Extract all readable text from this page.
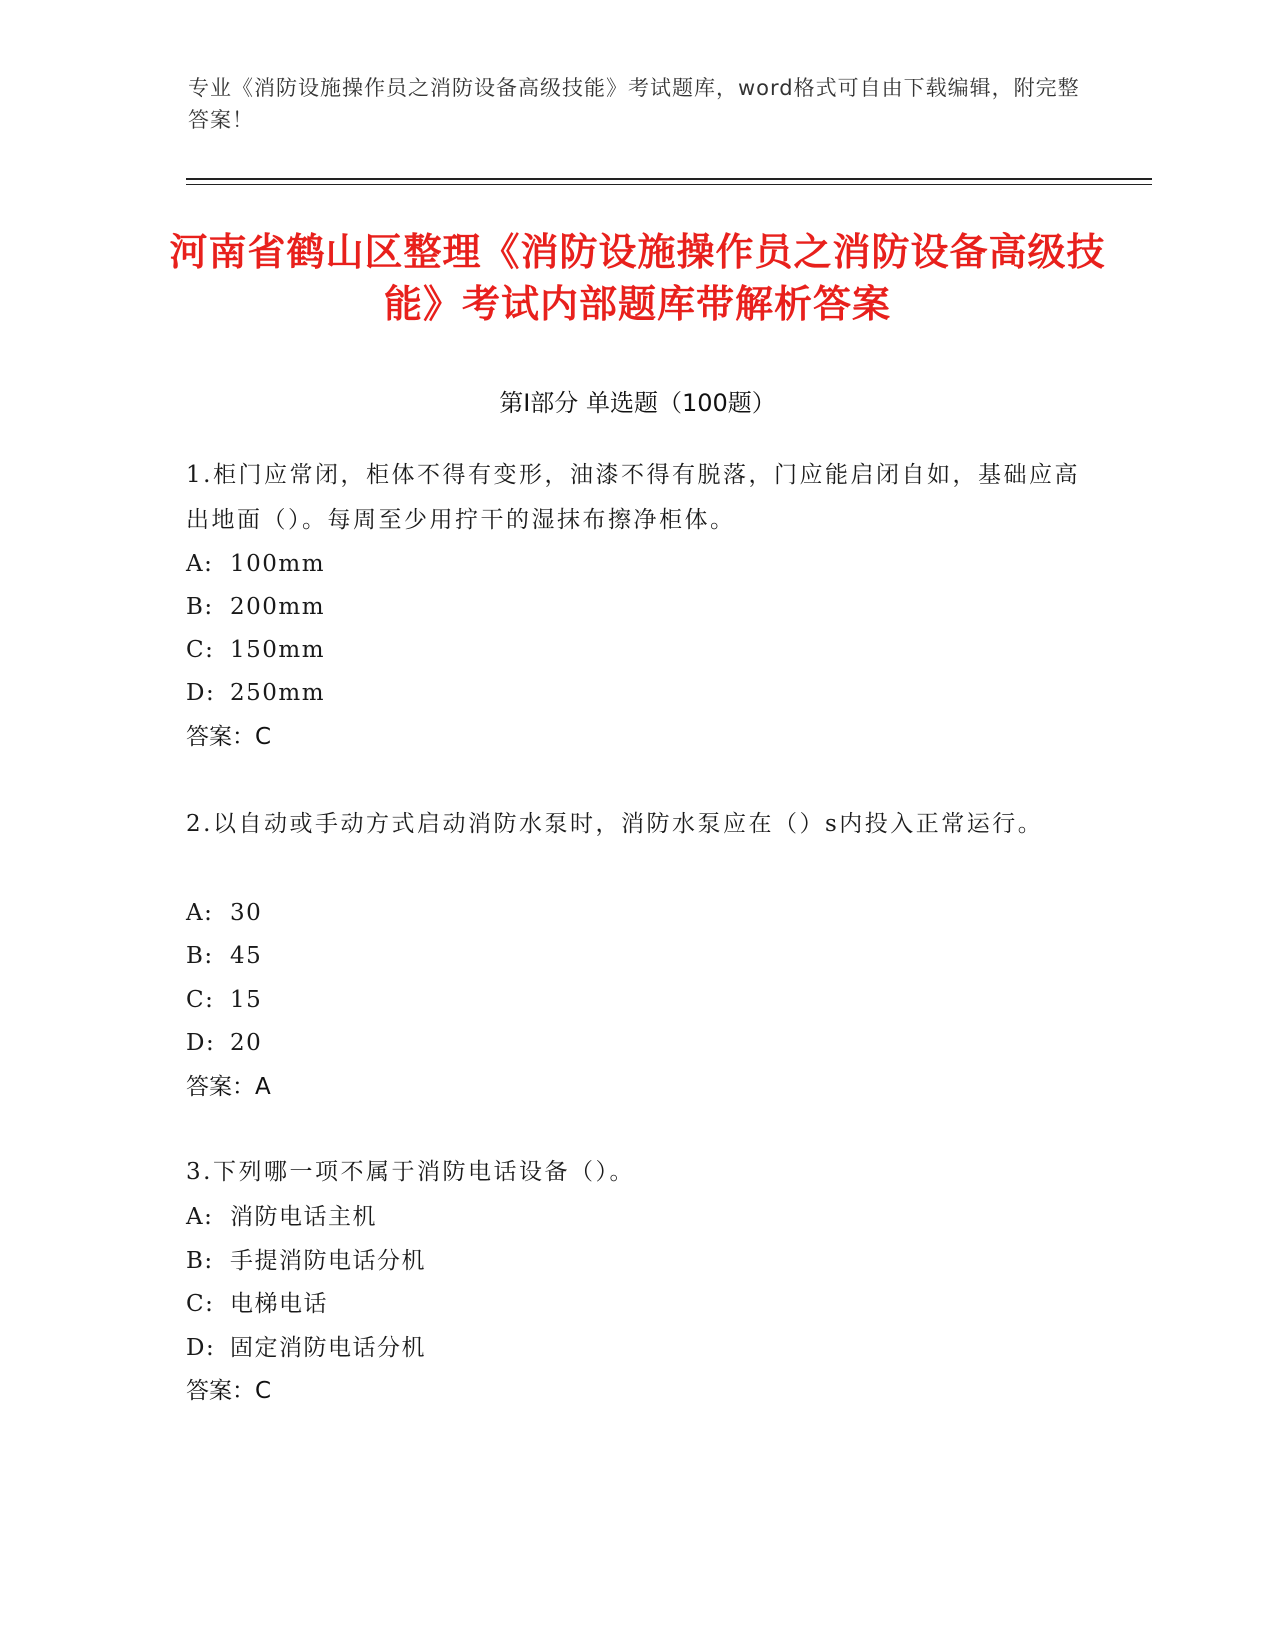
专业《消防设施操作员之消防设备高级技能》考试题库，word格式可自由下载编辑，附完整答案！
河南省鹤山区整理《消防设施操作员之消防设备高级技能》考试内部题库带解析答案
第Ⅰ部分 单选题（100题）
1.柜门应常闭，柜体不得有变形，油漆不得有脱落，门应能启闭自如，基础应高出地面（）。每周至少用拧干的湿抹布擦净柜体。
A: 100mm
B: 200mm
C: 150mm
D: 250mm
答案：C
2.以自动或手动方式启动消防水泵时，消防水泵应在（）s内投入正常运行。
A: 30
B: 45
C: 15
D: 20
答案：A
3.下列哪一项不属于消防电话设备（）。
A: 消防电话主机
B: 手提消防电话分机
C: 电梯电话
D: 固定消防电话分机
答案：C
